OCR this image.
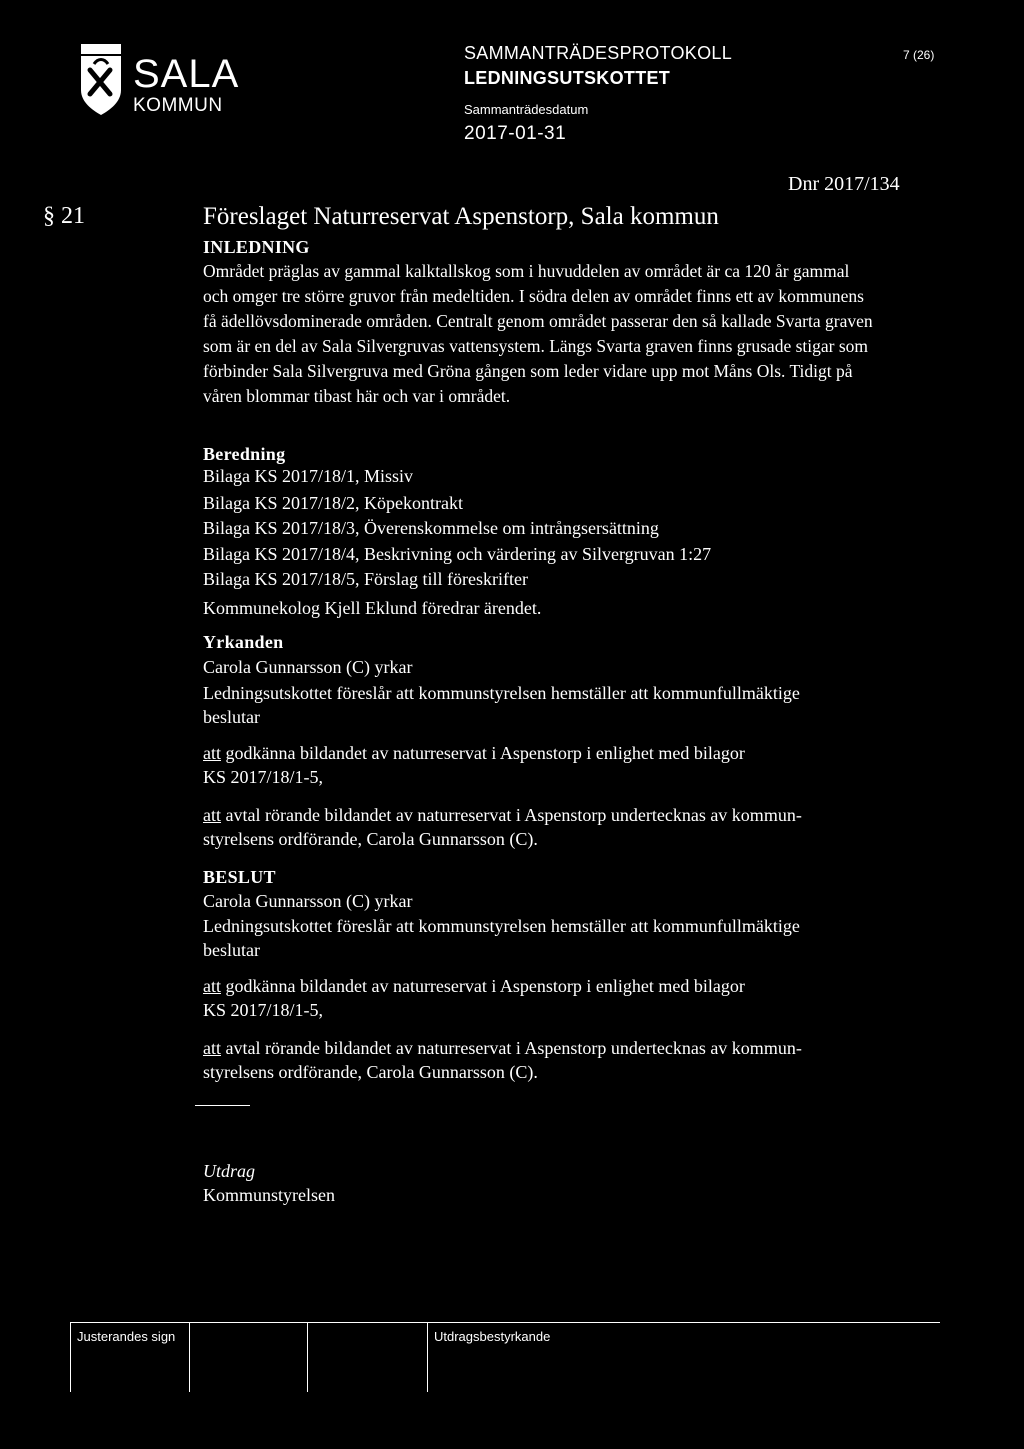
SALA
KOMMUN
SAMMANTRÄDESPROTOKOLL
LEDNINGSUTSKOTTET
Sammanträdesdatum
2017-01-31
7 (26)
Dnr 2017/134
§ 21	Föreslaget Naturreservat Aspenstorp, Sala kommun
INLEDNING
Området präglas av gammal kalktallskog som i huvuddelen av området är ca 120 år gammal och omger tre större gruvor från medeltiden. I södra delen av området finns ett av kommunens få ädellövsdominerade områden. Centralt genom området passerar den så kallade Svarta graven som är en del av Sala Silvergruvas vattensystem. Längs Svarta graven finns grusade stigar som förbinder Sala Silvergruva med Gröna gången som leder vidare upp mot Måns Ols. Tidigt på våren blommar tibast här och var i området.
Beredning
Bilaga KS 2017/18/1, Missiv
Bilaga KS 2017/18/2, Köpekontrakt
Bilaga KS 2017/18/3, Överenskommelse om intrångsersättning
Bilaga KS 2017/18/4, Beskrivning och värdering av Silvergruvan 1:27
Bilaga KS 2017/18/5, Förslag till föreskrifter
Kommunekolog Kjell Eklund föredrar ärendet.
Yrkanden
Carola Gunnarsson (C) yrkar
Ledningsutskottet föreslår att kommunstyrelsen hemställer att kommunfullmäktige
beslutar
att godkänna bildandet av naturreservat i Aspenstorp i enlighet med bilagor
KS 2017/18/1-5,
att avtal rörande bildandet av naturreservat i Aspenstorp undertecknas av kommun-
styrelsens ordförande, Carola Gunnarsson (C).
BESLUT
Carola Gunnarsson (C) yrkar
Ledningsutskottet föreslår att kommunstyrelsen hemställer att kommunfullmäktige
beslutar
att godkänna bildandet av naturreservat i Aspenstorp i enlighet med bilagor
KS 2017/18/1-5,
att avtal rörande bildandet av naturreservat i Aspenstorp undertecknas av kommun-
styrelsens ordförande, Carola Gunnarsson (C).
Utdrag
Kommunstyrelsen
Justerandes sign	Utdragsbestyrkande
